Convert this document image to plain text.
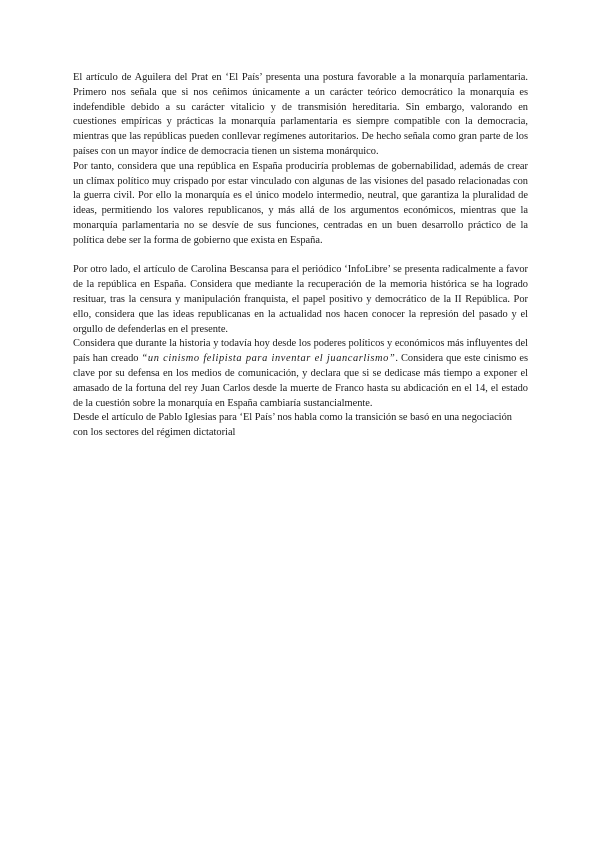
El artículo de Aguilera del Prat en ‘El País’ presenta una postura favorable a la monarquía parlamentaria. Primero nos señala que si nos ceñimos únicamente a un carácter teórico democrático la monarquía es indefendible debido a su carácter vitalicio y de transmisión hereditaria. Sin embargo, valorando en cuestiones empíricas y prácticas la monarquía parlamentaria es siempre compatible con la democracia, mientras que las repúblicas pueden conllevar regímenes autoritarios. De hecho señala como gran parte de los países con un mayor índice de democracia tienen un sistema monárquico.

Por tanto, considera que una república en España produciría problemas de gobernabilidad, además de crear un clímax político muy crispado por estar vinculado con algunas de las visiones del pasado relacionadas con la guerra civil. Por ello la monarquía es el único modelo intermedio, neutral, que garantiza la pluralidad de ideas, permitiendo los valores republicanos, y más allá de los argumentos económicos, mientras que la monarquía parlamentaria no se desvíe de sus funciones, centradas en un buen desarrollo práctico de la política debe ser la forma de gobierno que exista en España.

Por otro lado, el artículo de Carolina Bescansa para el periódico ‘InfoLibre’ se presenta radicalmente a favor de la república en España. Considera que mediante la recuperación de la memoria histórica se ha logrado resituar, tras la censura y manipulación franquista, el papel positivo y democrático de la II República. Por ello, considera que las ideas republicanas en la actualidad nos hacen conocer la represión del pasado y el orgullo de defenderlas en el presente.

Considera que durante la historia y todavía hoy desde los poderes políticos y económicos más influyentes del país han creado “un cinismo felipista para inventar el juancarlismo”. Considera que este cinismo es clave por su defensa en los medios de comunicación, y declara que si se dedicase más tiempo a exponer el amasado de la fortuna del rey Juan Carlos desde la muerte de Franco hasta su abdicación en el 14, el estado de la cuestión sobre la monarquía en España cambiaría sustancialmente.

Desde el artículo de Pablo Iglesias para ‘El País’ nos habla como la transición se basó en una negociación con los sectores del régimen dictatorial
